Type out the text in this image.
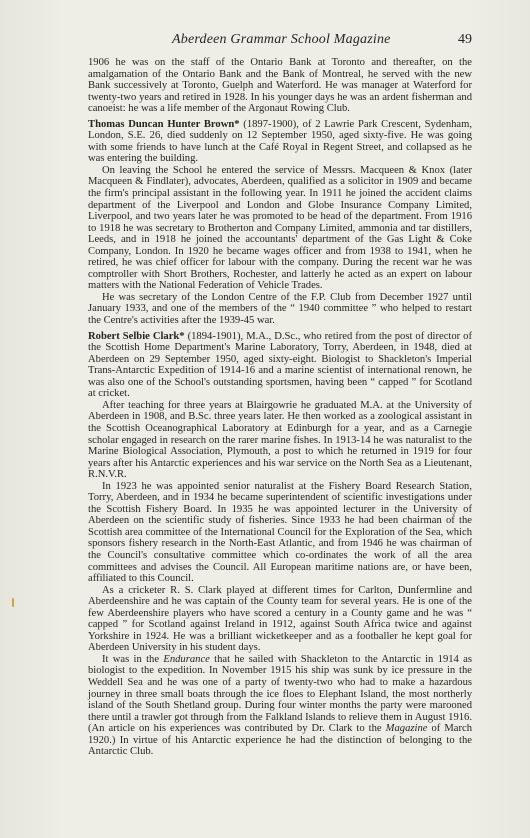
Aberdeen Grammar School Magazine	49

1906 he was on the staff of the Ontario Bank at Toronto and thereafter, on the amalgamation of the Ontario Bank and the Bank of Montreal, he served with the new Bank successively at Toronto, Guelph and Waterford. He was manager at Waterford for twenty-two years and retired in 1928. In his younger days he was an ardent fisherman and canoeist: he was a life member of the Argonaut Rowing Club.

Thomas Duncan Hunter Brown* (1897-1900), of 2 Lawrie Park Crescent, Sydenham, London, S.E. 26, died suddenly on 12 September 1950, aged sixty-five. He was going with some friends to have lunch at the Café Royal in Regent Street, and collapsed as he was entering the building.

On leaving the School he entered the service of Messrs. Macqueen & Knox (later Macqueen & Findlater), advocates, Aberdeen, qualified as a solicitor in 1909 and became the firm's principal assistant in the following year. In 1911 he joined the accident claims department of the Liverpool and London and Globe Insurance Company Limited, Liverpool, and two years later he was promoted to be head of the department. From 1916 to 1918 he was secretary to Brotherton and Company Limited, ammonia and tar distillers, Leeds, and in 1918 he joined the accountants' department of the Gas Light & Coke Company, London. In 1920 he became wages officer and from 1938 to 1941, when he retired, he was chief officer for labour with the company. During the recent war he was comptroller with Short Brothers, Rochester, and latterly he acted as an expert on labour matters with the National Federation of Vehicle Trades.

He was secretary of the London Centre of the F.P. Club from December 1927 until January 1933, and one of the members of the “ 1940 committee ” who helped to restart the Centre's activities after the 1939-45 war.

Robert Selbie Clark* (1894-1901), M.A., D.Sc., who retired from the post of director of the Scottish Home Department's Marine Laboratory, Torry, Aberdeen, in 1948, died at Aberdeen on 29 September 1950, aged sixty-eight. Biologist to Shackleton's Imperial Trans-Antarctic Expedition of 1914-16 and a marine scientist of international renown, he was also one of the School's outstanding sportsmen, having been “ capped ” for Scotland at cricket.

After teaching for three years at Blairgowrie he graduated M.A. at the University of Aberdeen in 1908, and B.Sc. three years later. He then worked as a zoological assistant in the Scottish Oceanographical Laboratory at Edinburgh for a year, and as a Carnegie scholar engaged in research on the rarer marine fishes. In 1913-14 he was naturalist to the Marine Biological Association, Plymouth, a post to which he returned in 1919 for four years after his Antarctic experiences and his war service on the North Sea as a Lieutenant, R.N.V.R.

In 1923 he was appointed senior naturalist at the Fishery Board Research Station, Torry, Aberdeen, and in 1934 he became superintendent of scientific investigations under the Scottish Fishery Board. In 1935 he was appointed lecturer in the University of Aberdeen on the scientific study of fisheries. Since 1933 he had been chairman of the Scottish area committee of the International Council for the Exploration of the Sea, which sponsors fishery research in the North-East Atlantic, and from 1946 he was chairman of the Council's consultative committee which co-ordinates the work of all the area committees and advises the Council. All European maritime nations are, or have been, affiliated to this Council.

As a cricketer R. S. Clark played at different times for Carlton, Dunfermline and Aberdeenshire and he was captain of the County team for several years. He is one of the few Aberdeenshire players who have scored a century in a County game and he was “ capped ” for Scotland against Ireland in 1912, against South Africa twice and against Yorkshire in 1924. He was a brilliant wicketkeeper and as a footballer he kept goal for Aberdeen University in his student days.

It was in the Endurance that he sailed with Shackleton to the Antarctic in 1914 as biologist to the expedition. In November 1915 his ship was sunk by ice pressure in the Weddell Sea and he was one of a party of twenty-two who had to make a hazardous journey in three small boats through the ice floes to Elephant Island, the most northerly island of the South Shetland group. During four winter months the party were marooned there until a trawler got through from the Falkland Islands to relieve them in August 1916. (An article on his experiences was contributed by Dr. Clark to the Magazine of March 1920.) In virtue of his Antarctic experience he had the distinction of belonging to the Antarctic Club.
